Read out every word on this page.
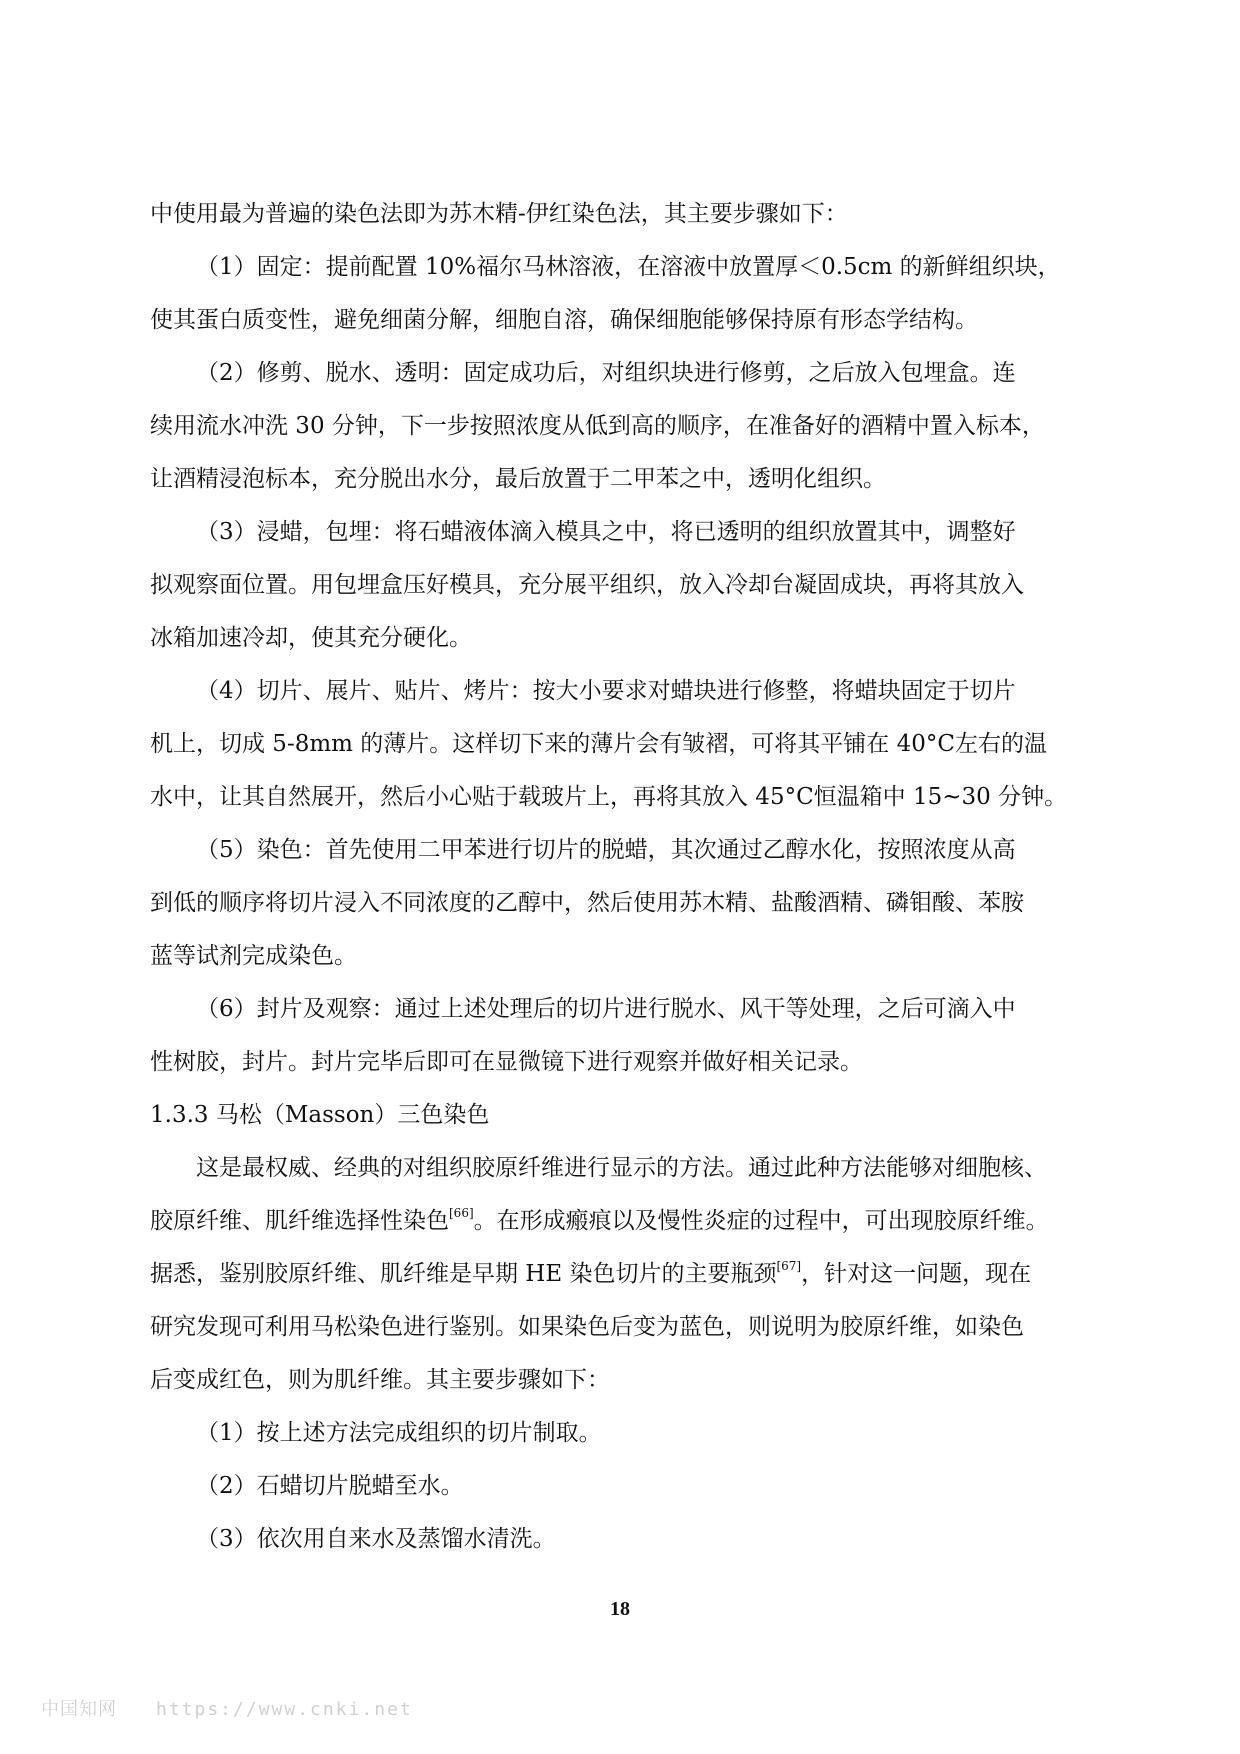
中使用最为普遍的染色法即为苏木精-伊红染色法，其主要步骤如下：
（1）固定：提前配置 10%福尔马林溶液，在溶液中放置厚＜0.5cm 的新鲜组织块，
使其蛋白质变性，避免细菌分解，细胞自溶，确保细胞能够保持原有形态学结构。
（2）修剪、脱水、透明：固定成功后，对组织块进行修剪，之后放入包埋盒。连
续用流水冲洗 30 分钟，下一步按照浓度从低到高的顺序，在准备好的酒精中置入标本，
让酒精浸泡标本，充分脱出水分，最后放置于二甲苯之中，透明化组织。
（3）浸蜡，包埋：将石蜡液体滴入模具之中，将已透明的组织放置其中，调整好
拟观察面位置。用包埋盒压好模具，充分展平组织，放入冷却台凝固成块，再将其放入
冰箱加速冷却，使其充分硬化。
（4）切片、展片、贴片、烤片：按大小要求对蜡块进行修整，将蜡块固定于切片
机上，切成 5-8mm 的薄片。这样切下来的薄片会有皱褶，可将其平铺在 40°C左右的温
水中，让其自然展开，然后小心贴于载玻片上，再将其放入 45°C恒温箱中 15~30 分钟。
（5）染色：首先使用二甲苯进行切片的脱蜡，其次通过乙醇水化，按照浓度从高
到低的顺序将切片浸入不同浓度的乙醇中，然后使用苏木精、盐酸酒精、磷钼酸、苯胺
蓝等试剂完成染色。
（6）封片及观察：通过上述处理后的切片进行脱水、风干等处理，之后可滴入中
性树胶，封片。封片完毕后即可在显微镜下进行观察并做好相关记录。
1.3.3 马松（Masson）三色染色
这是最权威、经典的对组织胶原纤维进行显示的方法。通过此种方法能够对细胞核、
胶原纤维、肌纤维选择性染色[66]。在形成瘢痕以及慢性炎症的过程中，可出现胶原纤维。
据悉，鉴别胶原纤维、肌纤维是早期 HE 染色切片的主要瓶颈[67]，针对这一问题，现在
研究发现可利用马松染色进行鉴别。如果染色后变为蓝色，则说明为胶原纤维，如染色
后变成红色，则为肌纤维。其主要步骤如下：
（1）按上述方法完成组织的切片制取。
（2）石蜡切片脱蜡至水。
（3）依次用自来水及蒸馏水清洗。
18
中国知网 https://www.cnki.net
